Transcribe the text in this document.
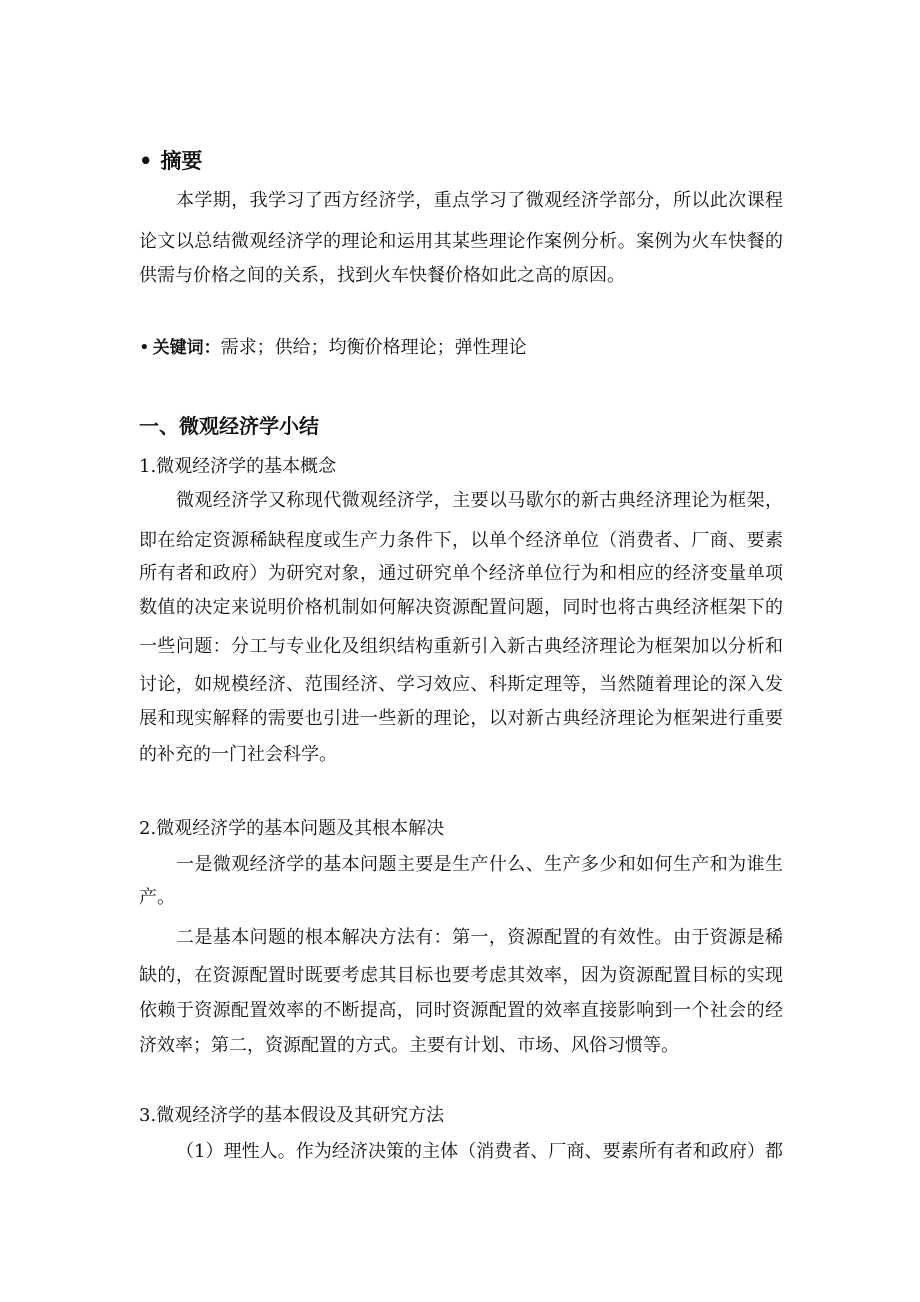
• 摘要
本学期，我学习了西方经济学，重点学习了微观经济学部分，所以此次课程
论文以总结微观经济学的理论和运用其某些理论作案例分析。案例为火车快餐的
供需与价格之间的关系，找到火车快餐价格如此之高的原因。
• 关键词：需求；供给；均衡价格理论；弹性理论
一、微观经济学小结
1.微观经济学的基本概念
微观经济学又称现代微观经济学，主要以马歇尔的新古典经济理论为框架，
即在给定资源稀缺程度或生产力条件下，以单个经济单位（消费者、厂商、要素
所有者和政府）为研究对象，通过研究单个经济单位行为和相应的经济变量单项
数值的决定来说明价格机制如何解决资源配置问题，同时也将古典经济框架下的
一些问题：分工与专业化及组织结构重新引入新古典经济理论为框架加以分析和
讨论，如规模经济、范围经济、学习效应、科斯定理等，当然随着理论的深入发
展和现实解释的需要也引进一些新的理论，以对新古典经济理论为框架进行重要
的补充的一门社会科学。
2.微观经济学的基本问题及其根本解决
一是微观经济学的基本问题主要是生产什么、生产多少和如何生产和为谁生
产。
二是基本问题的根本解决方法有：第一，资源配置的有效性。由于资源是稀
缺的，在资源配置时既要考虑其目标也要考虑其效率，因为资源配置目标的实现
依赖于资源配置效率的不断提高，同时资源配置的效率直接影响到一个社会的经
济效率；第二，资源配置的方式。主要有计划、市场、风俗习惯等。
3.微观经济学的基本假设及其研究方法
（1）理性人。作为经济决策的主体（消费者、厂商、要素所有者和政府）都
